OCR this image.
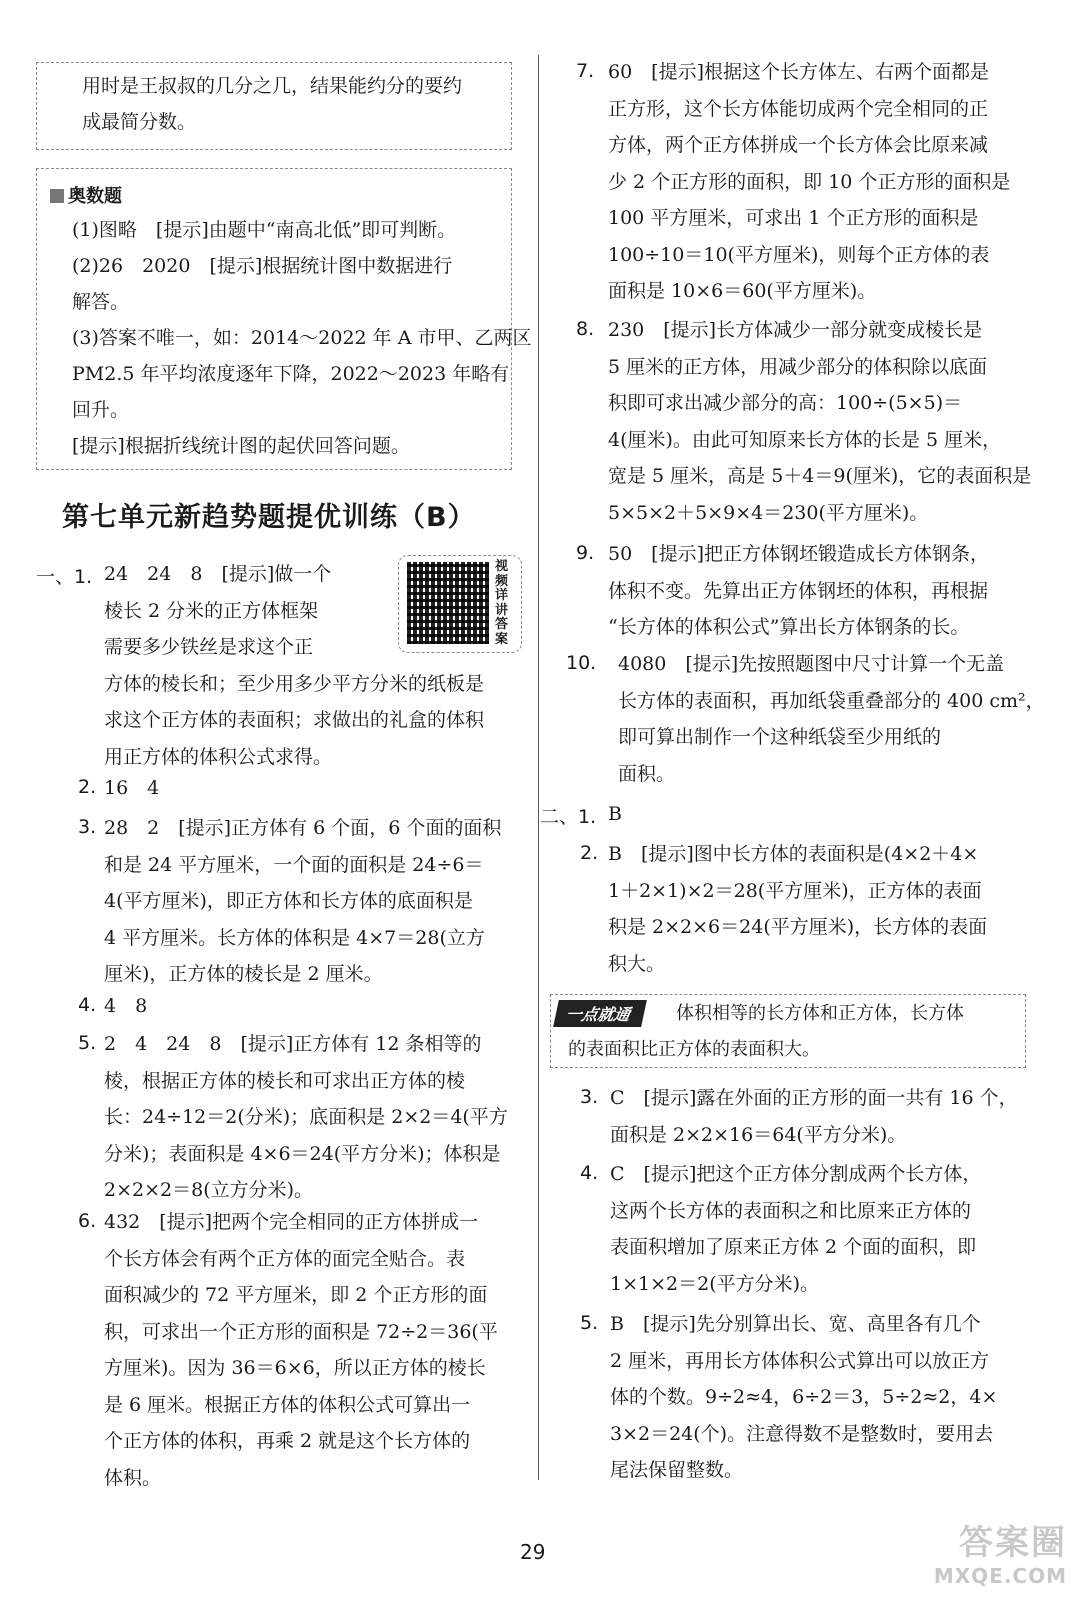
用时是王叔叔的几分之几，结果能约分的要约

成最简分数。

奥数题

(1)图略　[提示]由题中“南高北低”即可判断。

(2)26　2020　[提示]根据统计图中数据进行

解答。

(3)答案不唯一，如：2014～2022 年 A 市甲、乙两区

PM2.5 年平均浓度逐年下降，2022～2023 年略有

回升。

[提示]根据折线统计图的起伏回答问题。

第七单元新趋势题提优训练（B）
视频详讲答案
一、1. 24　24　8　[提示]做一个

棱长 2 分米的正方体框架

需要多少铁丝是求这个正

方体的棱长和；至少用多少平方分米的纸板是

求这个正方体的表面积；求做出的礼盒的体积

用正方体的体积公式求得。

2. 16　4

3. 28　2　[提示]正方体有 6 个面，6 个面的面积

和是 24 平方厘米，一个面的面积是 24÷6＝

4(平方厘米)，即正方体和长方体的底面积是

4 平方厘米。长方体的体积是 4×7＝28(立方

厘米)，正方体的棱长是 2 厘米。

4. 4　8

5. 2　4　24　8　[提示]正方体有 12 条相等的

棱，根据正方体的棱长和可求出正方体的棱

长：24÷12＝2(分米)；底面积是 2×2＝4(平方

分米)；表面积是 4×6＝24(平方分米)；体积是

2×2×2＝8(立方分米)。

6. 432　[提示]把两个完全相同的正方体拼成一

个长方体会有两个正方体的面完全贴合。表

面积减少的 72 平方厘米，即 2 个正方形的面

积，可求出一个正方形的面积是 72÷2＝36(平

方厘米)。因为 36＝6×6，所以正方体的棱长

是 6 厘米。根据正方体的体积公式可算出一

个正方体的体积，再乘 2 就是这个长方体的

体积。

7. 60　[提示]根据这个长方体左、右两个面都是

正方形，这个长方体能切成两个完全相同的正

方体，两个正方体拼成一个长方体会比原来减

少 2 个正方形的面积，即 10 个正方形的面积是

100 平方厘米，可求出 1 个正方形的面积是

100÷10＝10(平方厘米)，则每个正方体的表

面积是 10×6＝60(平方厘米)。

8. 230　[提示]长方体减少一部分就变成棱长是

5 厘米的正方体，用减少部分的体积除以底面

积即可求出减少部分的高：100÷(5×5)＝

4(厘米)。由此可知原来长方体的长是 5 厘米，

宽是 5 厘米，高是 5＋4＝9(厘米)，它的表面积是

5×5×2＋5×9×4＝230(平方厘米)。

9. 50　[提示]把正方体钢坯锻造成长方体钢条，

体积不变。先算出正方体钢坯的体积，再根据

“长方体的体积公式”算出长方体钢条的长。

10. 4080　[提示]先按照题图中尺寸计算一个无盖

长方体的表面积，再加纸袋重叠部分的 400 cm²，

即可算出制作一个这种纸袋至少用纸的

面积。

二、1. B

2. B　[提示]图中长方体的表面积是(4×2＋4×

1＋2×1)×2＝28(平方厘米)，正方体的表面

积是 2×2×6＝24(平方厘米)，长方体的表面

积大。

一点就通	体积相等的长方体和正方体，长方体

的表面积比正方体的表面积大。

29	答案圈
MXQE.COM
3. C　[提示]露在外面的正方形的面一共有 16 个，

面积是 2×2×16＝64(平方分米)。

4. C　[提示]把这个正方体分割成两个长方体，

这两个长方体的表面积之和比原来正方体的

表面积增加了原来正方体 2 个面的面积，即

1×1×2＝2(平方分米)。

5. B　[提示]先分别算出长、宽、高里各有几个

2 厘米，再用长方体体积公式算出可以放正方

体的个数。9÷2≈4，6÷2＝3，5÷2≈2，4×

3×2＝24(个)。注意得数不是整数时，要用去

尾法保留整数。
